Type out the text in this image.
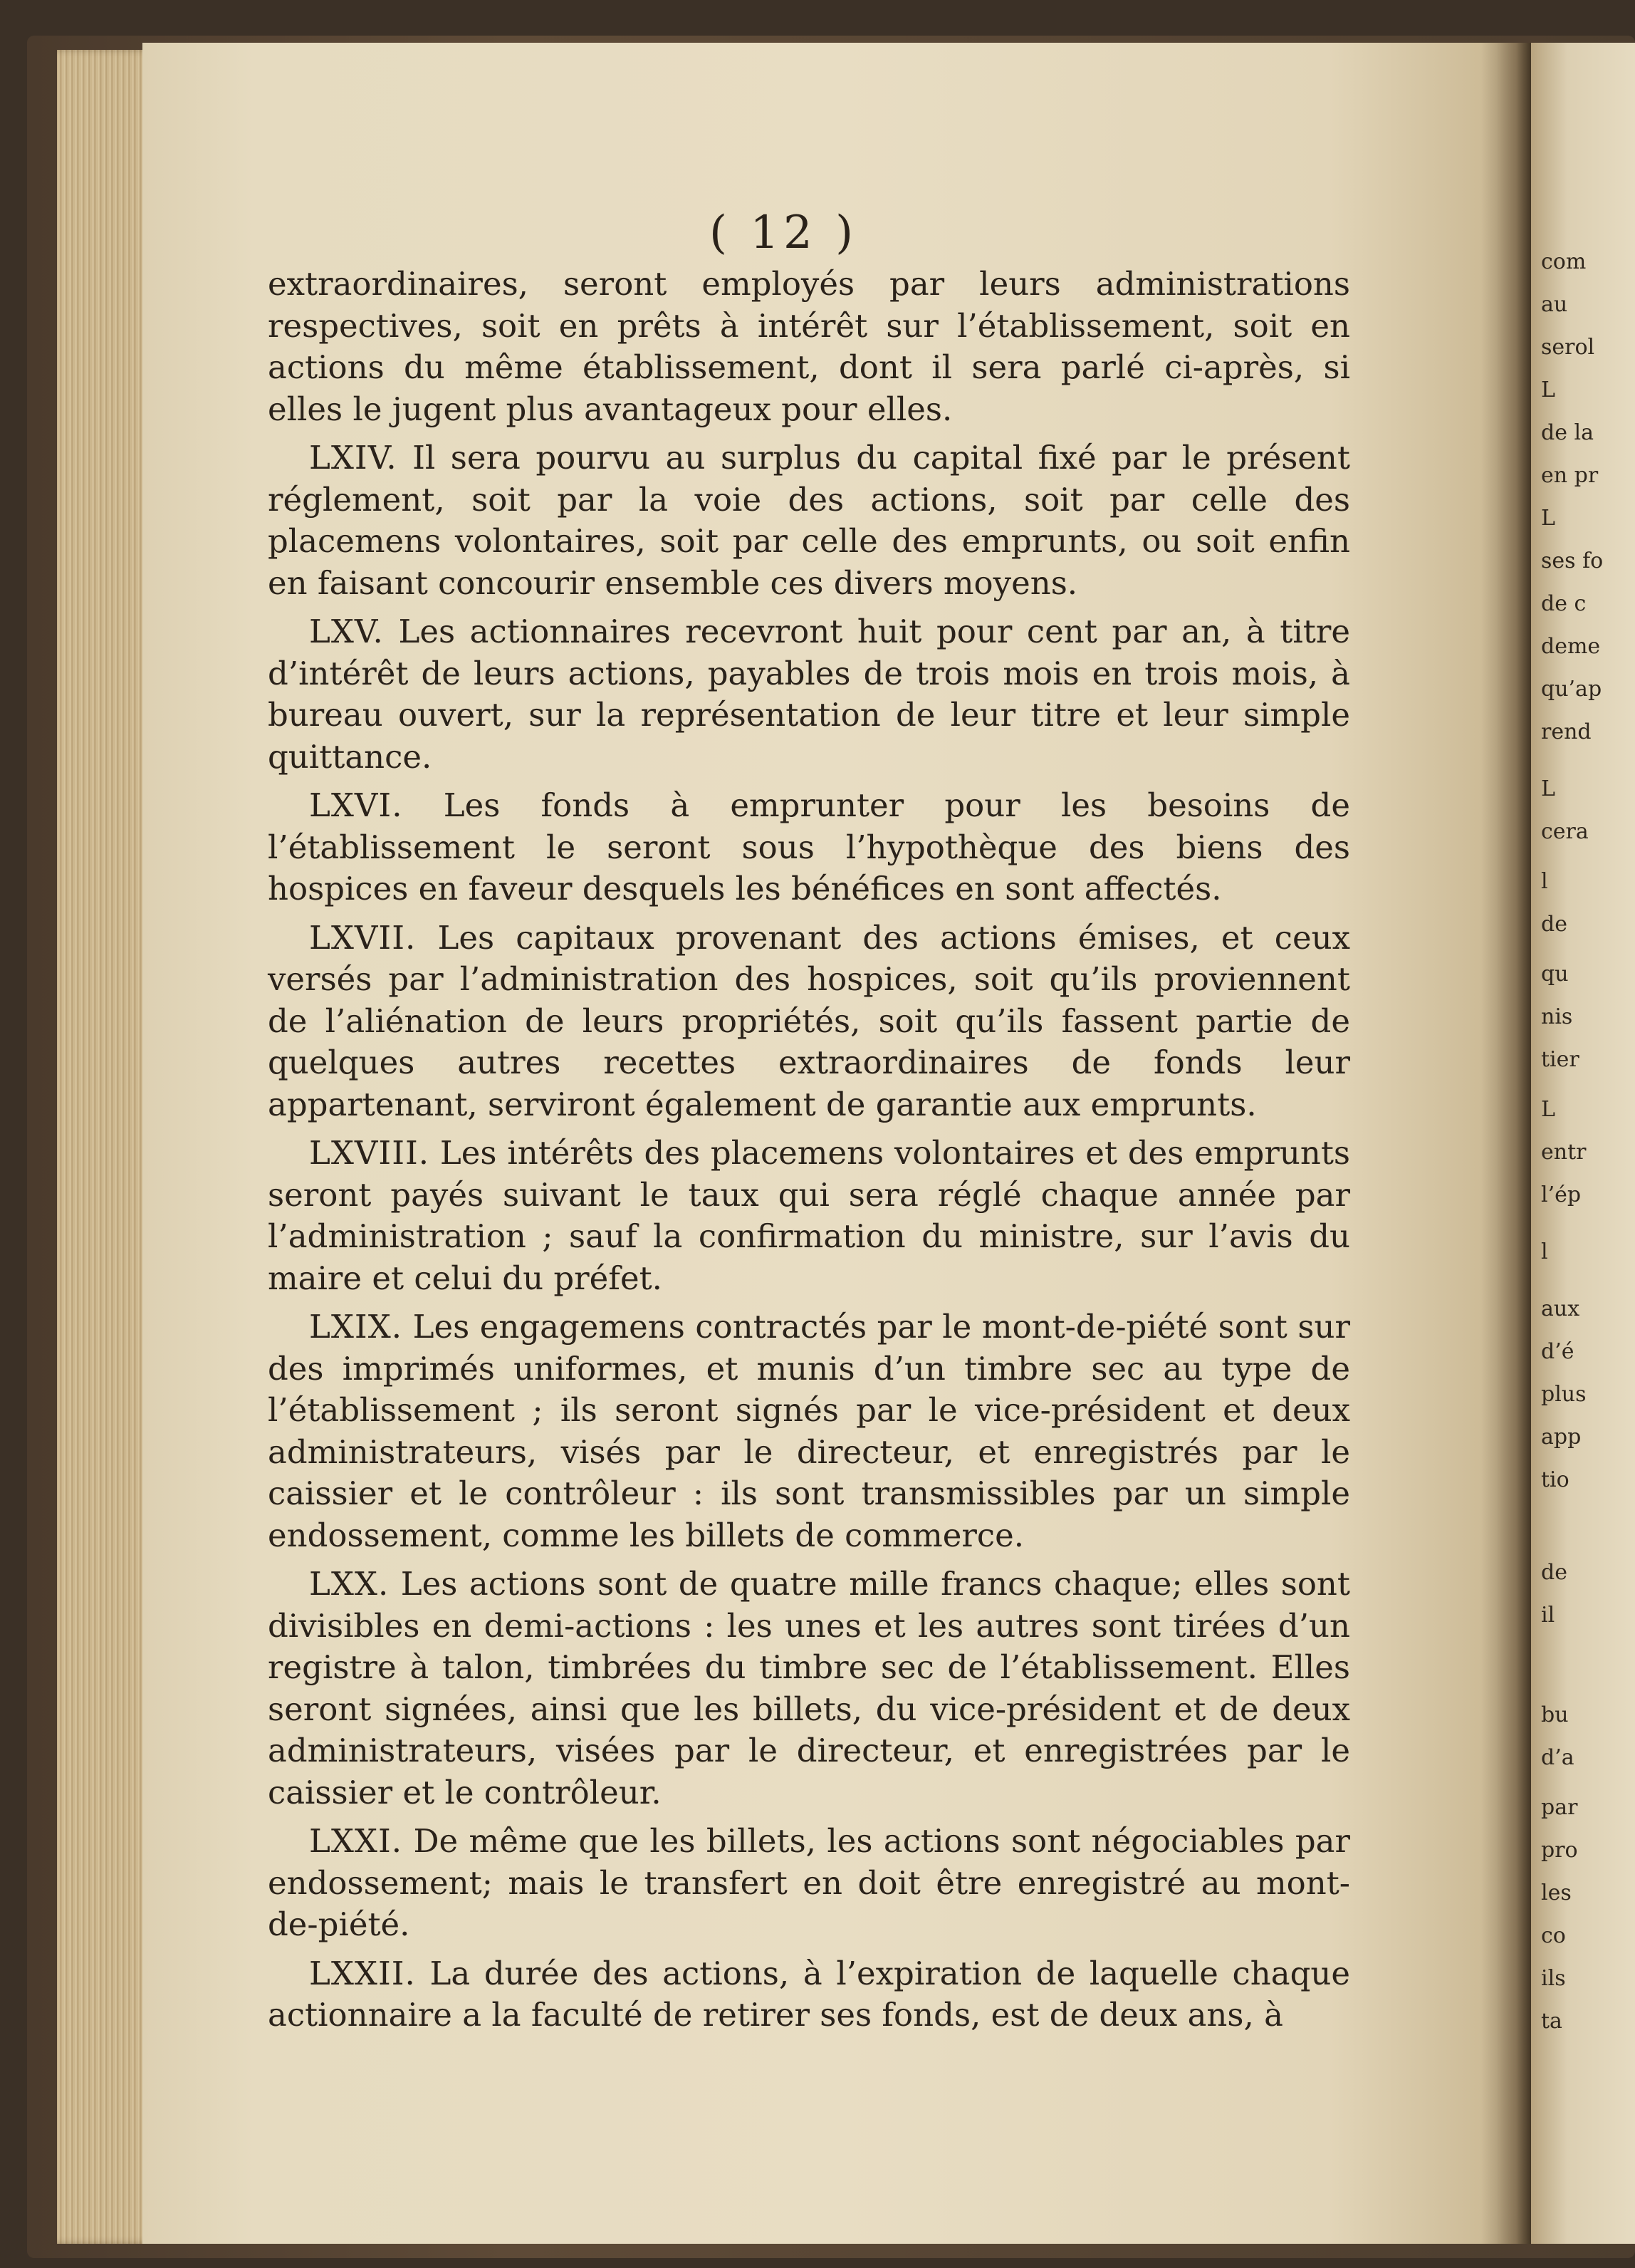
( 12 )

extraordinaires, seront employés par leurs administrations respectives, soit en prêts à intérêt sur l’établissement, soit en actions du même établissement, dont il sera parlé ci-après, si elles le jugent plus avantageux pour elles.

LXIV. Il sera pourvu au surplus du capital fixé par le présent réglement, soit par la voie des actions, soit par celle des placemens volontaires, soit par celle des emprunts, ou soit enfin en faisant concourir ensemble ces divers moyens.

LXV. Les actionnaires recevront huit pour cent par an, à titre d’intérêt de leurs actions, payables de trois mois en trois mois, à bureau ouvert, sur la représentation de leur titre et leur simple quittance.

LXVI. Les fonds à emprunter pour les besoins de l’établissement le seront sous l’hypothèque des biens des hospices en faveur desquels les bénéfices en sont affectés.

LXVII. Les capitaux provenant des actions émises, et ceux versés par l’administration des hospices, soit qu’ils proviennent de l’aliénation de leurs propriétés, soit qu’ils fassent partie de quelques autres recettes extraordinaires de fonds leur appartenant, serviront également de garantie aux emprunts.

LXVIII. Les intérêts des placemens volontaires et des emprunts seront payés suivant le taux qui sera réglé chaque année par l’administration ; sauf la confirmation du ministre, sur l’avis du maire et celui du préfet.

LXIX. Les engagemens contractés par le mont-de-piété sont sur des imprimés uniformes, et munis d’un timbre sec au type de l’établissement ; ils seront signés par le vice-président et deux administrateurs, visés par le directeur, et enregistrés par le caissier et le contrôleur : ils sont transmissibles par un simple endossement, comme les billets de commerce.

LXX. Les actions sont de quatre mille francs chaque; elles sont divisibles en demi-actions : les unes et les autres sont tirées d’un registre à talon, timbrées du timbre sec de l’établissement. Elles seront signées, ainsi que les billets, du vice-président et de deux administrateurs, visées par le directeur, et enregistrées par le caissier et le contrôleur.

LXXI. De même que les billets, les actions sont négociables par endossement; mais le transfert en doit être enregistré au mont-de-piété.

LXXII. La durée des actions, à l’expiration de laquelle chaque actionnaire a la faculté de retirer ses fonds, est de deux ans, à

com
au
serol
L
de la
en pr
L
ses fo
de c
deme
qu’ap
rend
L
cera
l
de
qu
nis
tier
L
entr
l’ép
l
aux
d’é
plus
app
tio
de
il
bu
d’a
par
pro
les
co
ils
ta
